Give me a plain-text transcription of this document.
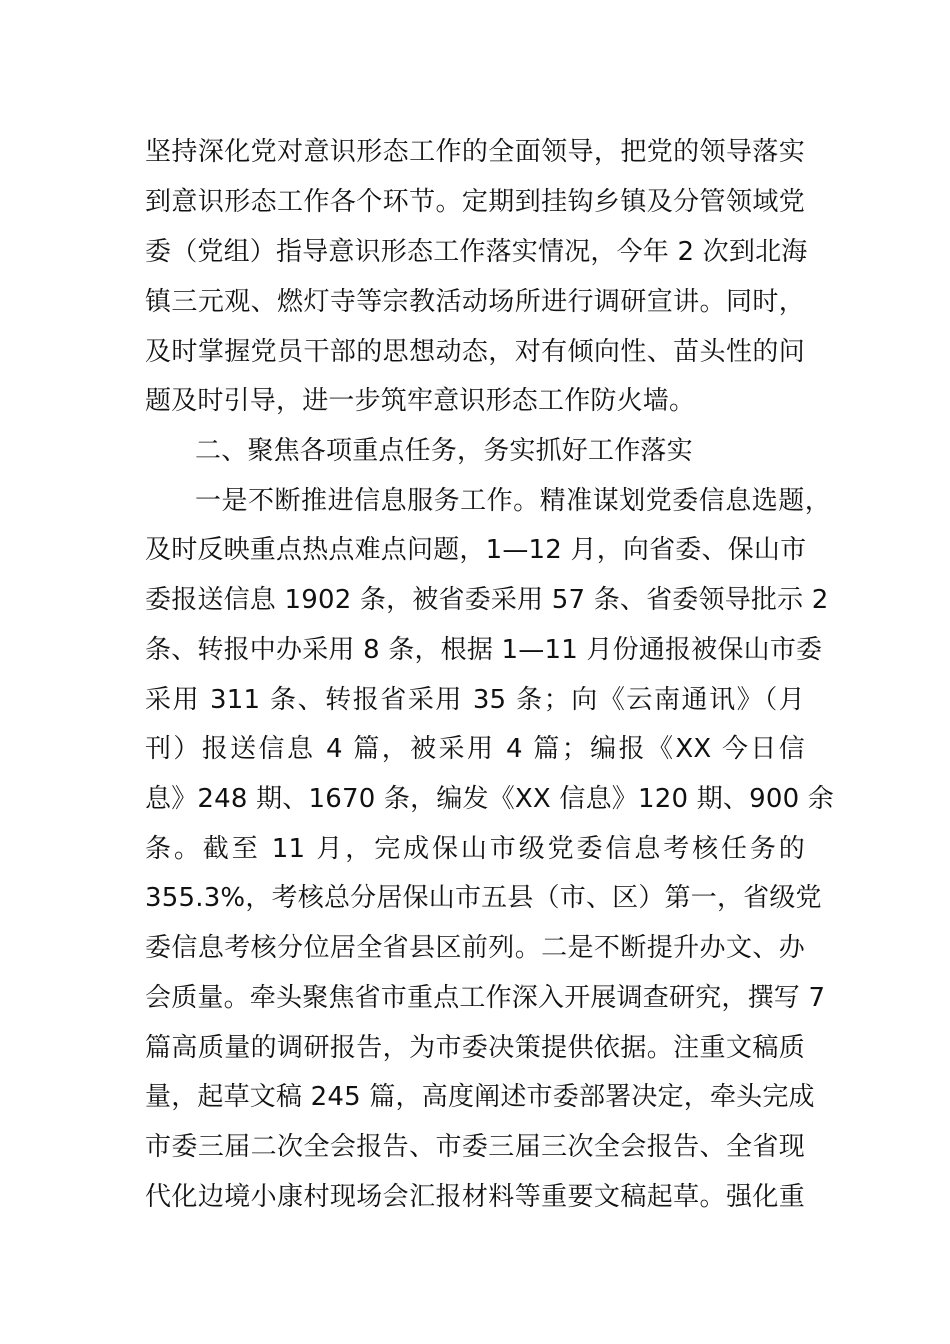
坚持深化党对意识形态工作的全面领导，把党的领导落实
到意识形态工作各个环节。定期到挂钩乡镇及分管领域党
委（党组）指导意识形态工作落实情况，今年 2 次到北海
镇三元观、燃灯寺等宗教活动场所进行调研宣讲。同时，
及时掌握党员干部的思想动态，对有倾向性、苗头性的问
题及时引导，进一步筑牢意识形态工作防火墙。
二、聚焦各项重点任务，务实抓好工作落实
一是不断推进信息服务工作。精准谋划党委信息选题，
及时反映重点热点难点问题，1—12 月，向省委、保山市
委报送信息 1902 条，被省委采用 57 条、省委领导批示 2
条、转报中办采用 8 条，根据 1—11 月份通报被保山市委
采用 311 条、转报省采用 35 条；向《云南通讯》（月
刊）报送信息 4 篇，被采用 4 篇；编报《XX 今日信
息》248 期、1670 条，编发《XX 信息》120 期、900 余
条。截至 11 月，完成保山市级党委信息考核任务的
355.3%，考核总分居保山市五县（市、区）第一，省级党
委信息考核分位居全省县区前列。二是不断提升办文、办
会质量。牵头聚焦省市重点工作深入开展调查研究，撰写 7
篇高质量的调研报告，为市委决策提供依据。注重文稿质
量，起草文稿 245 篇，高度阐述市委部署决定，牵头完成
市委三届二次全会报告、市委三届三次全会报告、全省现
代化边境小康村现场会汇报材料等重要文稿起草。强化重
